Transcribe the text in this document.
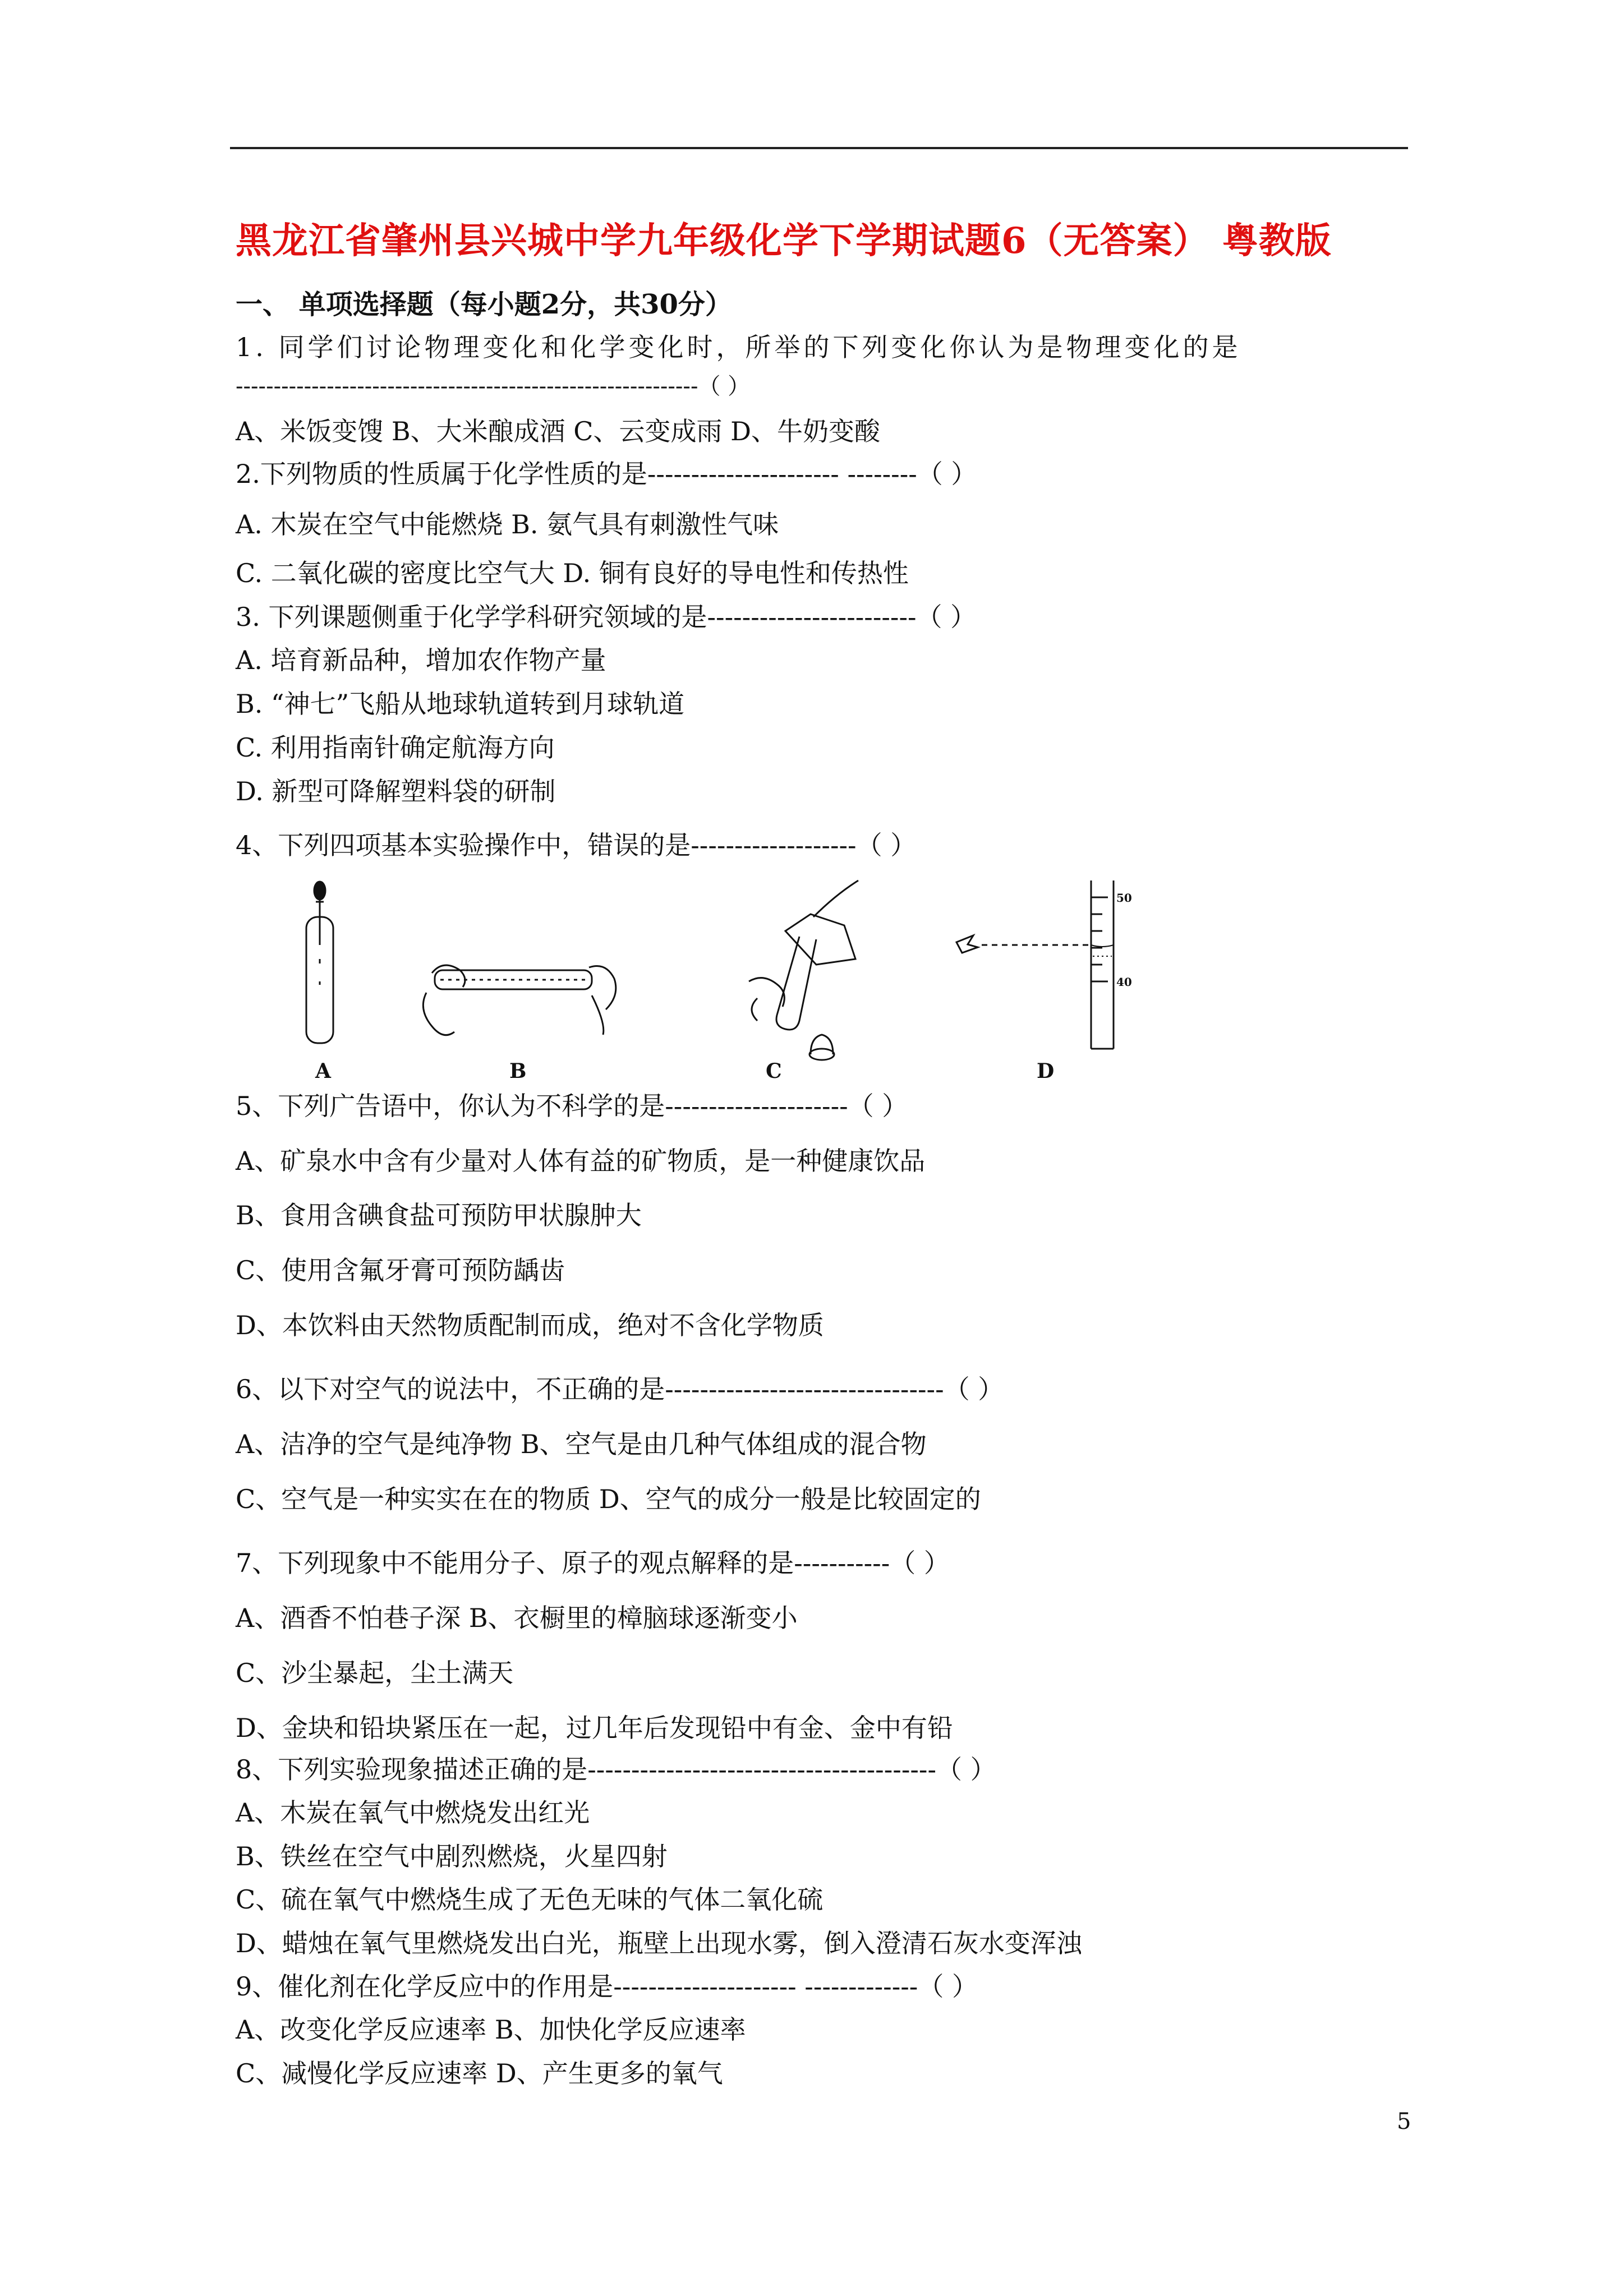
黑龙江省肇州县兴城中学九年级化学下学期试题6（无答案） 粤教版
一、 单项选择题（每小题2分，共30分）
1. 同学们讨论物理变化和化学变化时，所举的下列变化你认为是物理变化的是
-------------------------------------------------------------（ ）
A、米饭变馊 B、大米酿成酒 C、云变成雨 D、牛奶变酸
2.下列物质的性质属于化学性质的是---------------------- --------（ ）
A. 木炭在空气中能燃烧 B. 氨气具有刺激性气味
C. 二氧化碳的密度比空气大 D. 铜有良好的导电性和传热性
3. 下列课题侧重于化学学科研究领域的是------------------------（ ）
A. 培育新品种，增加农作物产量
B. “神七”飞船从地球轨道转到月球轨道
C. 利用指南针确定航海方向
D. 新型可降解塑料袋的研制
4、下列四项基本实验操作中，错误的是-------------------（ ）
50
40
A	B	C	D
5、下列广告语中，你认为不科学的是---------------------（ ）
A、矿泉水中含有少量对人体有益的矿物质，是一种健康饮品
B、食用含碘食盐可预防甲状腺肿大
C、使用含氟牙膏可预防龋齿
D、本饮料由天然物质配制而成，绝对不含化学物质
6、以下对空气的说法中，不正确的是--------------------------------（ ）
A、洁净的空气是纯净物 B、空气是由几种气体组成的混合物
C、空气是一种实实在在的物质 D、空气的成分一般是比较固定的
7、下列现象中不能用分子、原子的观点解释的是-----------（ ）
A、酒香不怕巷子深 B、衣橱里的樟脑球逐渐变小
C、沙尘暴起，尘土满天
D、金块和铅块紧压在一起，过几年后发现铅中有金、金中有铅
8、下列实验现象描述正确的是----------------------------------------（ ）
A、木炭在氧气中燃烧发出红光
B、铁丝在空气中剧烈燃烧，火星四射
C、硫在氧气中燃烧生成了无色无味的气体二氧化硫
D、蜡烛在氧气里燃烧发出白光，瓶壁上出现水雾，倒入澄清石灰水变浑浊
9、催化剂在化学反应中的作用是--------------------- -------------（ ）
A、改变化学反应速率 B、加快化学反应速率
C、减慢化学反应速率 D、产生更多的氧气
5
